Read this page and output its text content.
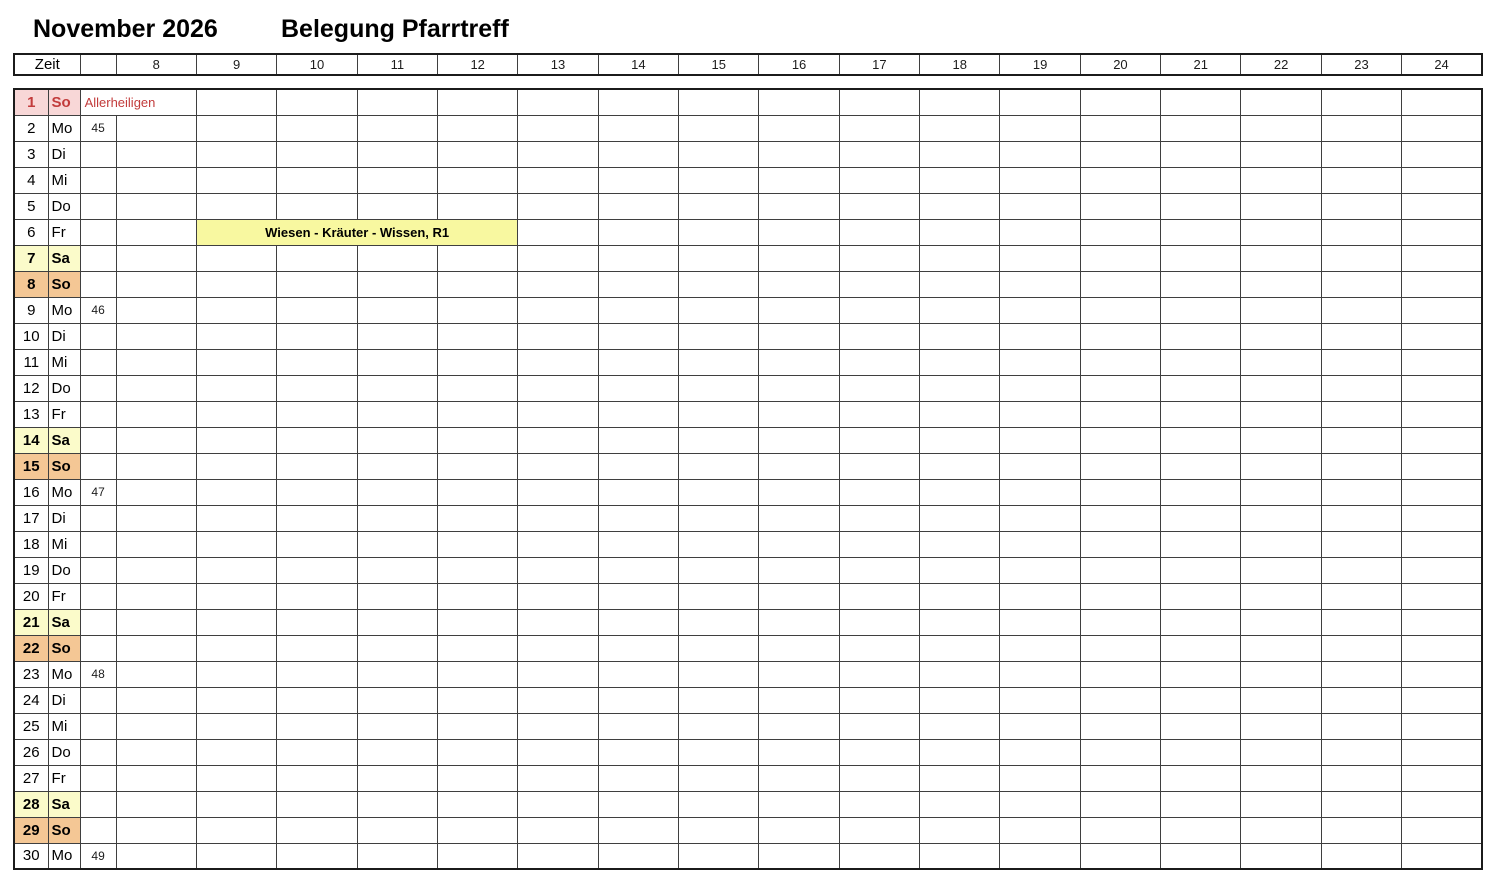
November 2026	Belegung Pfarrtreff
Zeit		8	9	10	11	12	13	14	15	16	17	18	19	20	21	22	23	24
1	So	Allerheiligen																	
2	Mo	45																	
3	Di																		
4	Mi																		
5	Do																		
6	Fr			Wiesen - Kräuter - Wissen, R1															
7	Sa																		
8	So																		
9	Mo	46																	
10	Di																		
11	Mi																		
12	Do																		
13	Fr																		
14	Sa																		
15	So																		
16	Mo	47																	
17	Di																		
18	Mi																		
19	Do																		
20	Fr																		
21	Sa																		
22	So																		
23	Mo	48																	
24	Di																		
25	Mi																		
26	Do																		
27	Fr																		
28	Sa																		
29	So																		
30	Mo	49																	
